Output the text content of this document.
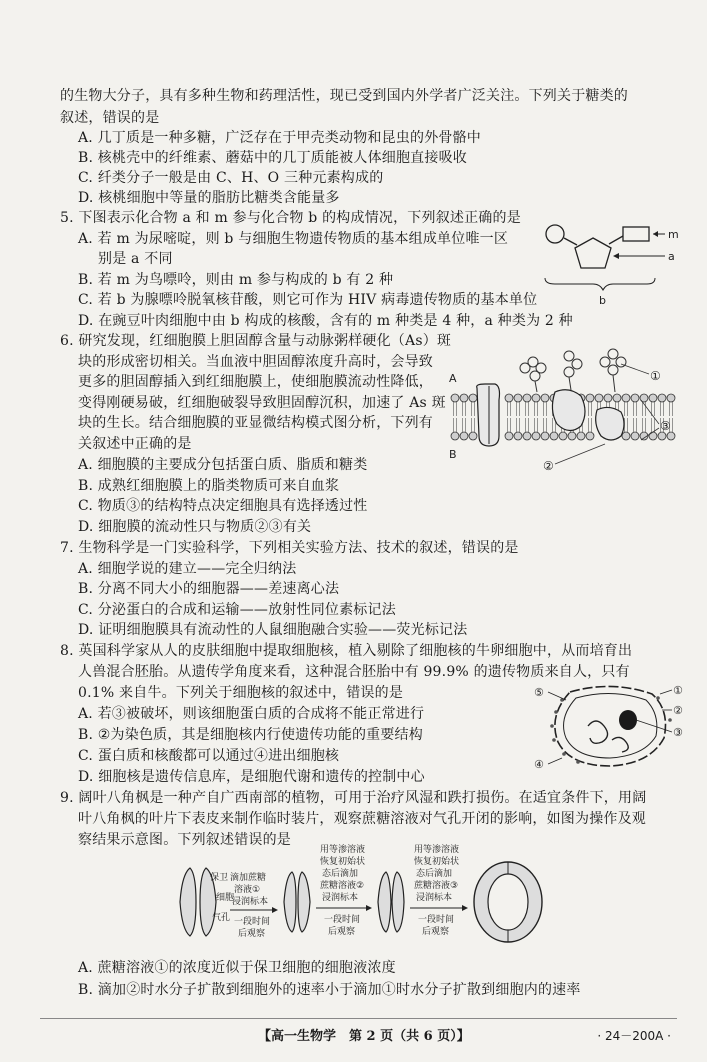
的生物大分子，具有多种生物和药理活性，现已受到国内外学者广泛关注。下列关于糖类的
叙述，错误的是
A. 几丁质是一种多糖，广泛存在于甲壳类动物和昆虫的外骨骼中
B. 核桃壳中的纤维素、蘑菇中的几丁质能被人体细胞直接吸收
C. 纤类分子一般是由 C、H、O 三种元素构成的
D. 核桃细胞中等量的脂肪比糖类含能量多
5. 下图表示化合物 a 和 m 参与化合物 b 的构成情况，下列叙述正确的是
A. 若 m 为尿嘧啶，则 b 与细胞生物遗传物质的基本组成单位唯一区
别是 a 不同
B. 若 m 为鸟嘌呤，则由 m 参与构成的 b 有 2 种
C. 若 b 为腺嘌呤脱氧核苷酸，则它可作为 HIV 病毒遗传物质的基本单位
D. 在豌豆叶肉细胞中由 b 构成的核酸，含有的 m 种类是 4 种，a 种类为 2 种
m
a
b
6. 研究发现，红细胞膜上胆固醇含量与动脉粥样硬化（As）斑
块的形成密切相关。当血液中胆固醇浓度升高时，会导致
更多的胆固醇插入到红细胞膜上，使细胞膜流动性降低，
变得刚硬易破，红细胞破裂导致胆固醇沉积，加速了 As 斑
块的生长。结合细胞膜的亚显微结构模式图分析，下列有
关叙述中正确的是
A. 细胞膜的主要成分包括蛋白质、脂质和糖类
B. 成熟红细胞膜上的脂类物质可来自血浆
C. 物质③的结构特点决定细胞具有选择透过性
D. 细胞膜的流动性只与物质②③有关
A
B
①
②
③
7. 生物科学是一门实验科学，下列相关实验方法、技术的叙述，错误的是
A. 细胞学说的建立——完全归纳法
B. 分离不同大小的细胞器——差速离心法
C. 分泌蛋白的合成和运输——放射性同位素标记法
D. 证明细胞膜具有流动性的人鼠细胞融合实验——荧光标记法
8. 英国科学家从人的皮肤细胞中提取细胞核，植入剔除了细胞核的牛卵细胞中，从而培育出
人兽混合胚胎。从遗传学角度来看，这种混合胚胎中有 99.9% 的遗传物质来自人，只有
0.1% 来自牛。下列关于细胞核的叙述中，错误的是
A. 若③被破坏，则该细胞蛋白质的合成将不能正常进行
B. ②为染色质，其是细胞核内行使遗传功能的重要结构
C. 蛋白质和核酸都可以通过④进出细胞核
D. 细胞核是遗传信息库，是细胞代谢和遗传的控制中心
①
②
③
④
⑤
9. 阔叶八角枫是一种产自广西南部的植物，可用于治疗风湿和跌打损伤。在适宜条件下，用阔
叶八角枫的叶片下表皮来制作临时装片，观察蔗糖溶液对气孔开闭的影响，如图为操作及观
察结果示意图。下列叙述错误的是
保卫
细胞
气孔
滴加蔗糖
溶液①
浸润标本
一段时间
后观察
用等渗溶液
恢复初始状
态后滴加
蔗糖溶液②
浸润标本
一段时间
后观察
用等渗溶液
恢复初始状
态后滴加
蔗糖溶液③
浸润标本
一段时间
后观察
A. 蔗糖溶液①的浓度近似于保卫细胞的细胞液浓度
B. 滴加②时水分子扩散到细胞外的速率小于滴加①时水分子扩散到细胞内的速率
【高一生物学　第 2 页（共 6 页）】	· 24－200A ·
